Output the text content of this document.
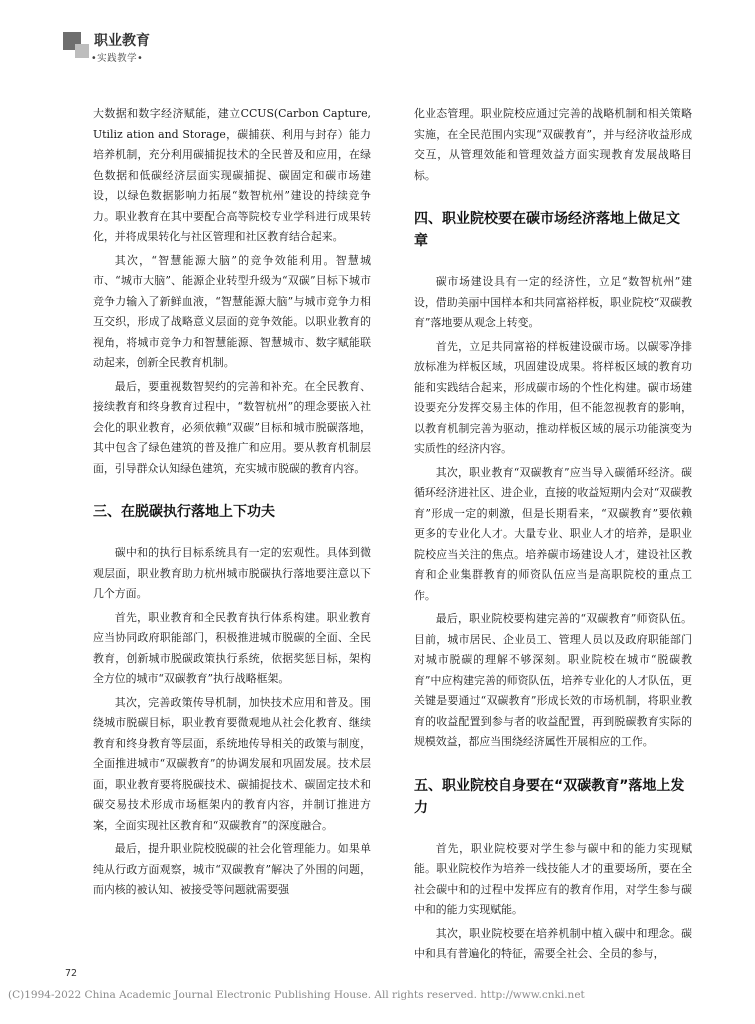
职业教育
•实践教学•
大数据和数字经济赋能，建立CCUS(Carbon Capture, Utiliz ation and Storage，碳捕获、利用与封存）能力培养机制，充分利用碳捕捉技术的全民普及和应用，在绿色数据和低碳经济层面实现碳捕捉、碳固定和碳市场建设，以绿色数据影响力拓展“数智杭州”建设的持续竞争力。职业教育在其中要配合高等院校专业学科进行成果转化，并将成果转化与社区管理和社区教育结合起来。
其次，“智慧能源大脑”的竞争效能利用。智慧城市、“城市大脑”、能源企业转型升级为“双碳”目标下城市竞争力输入了新鲜血液，“智慧能源大脑”与城市竞争力相互交织，形成了战略意义层面的竞争效能。以职业教育的视角，将城市竞争力和智慧能源、智慧城市、数字赋能联动起来，创新全民教育机制。
最后，要重视数智契约的完善和补充。在全民教育、接续教育和终身教育过程中，“数智杭州”的理念要嵌入社会化的职业教育，必须依赖“双碳”目标和城市脱碳落地，其中包含了绿色建筑的普及推广和应用。要从教育机制层面，引导群众认知绿色建筑，充实城市脱碳的教育内容。
三、在脱碳执行落地上下功夫
碳中和的执行目标系统具有一定的宏观性。具体到微观层面，职业教育助力杭州城市脱碳执行落地要注意以下几个方面。
首先，职业教育和全民教育执行体系构建。职业教育应当协同政府职能部门，积极推进城市脱碳的全面、全民教育，创新城市脱碳政策执行系统，依据奖惩目标，架构全方位的城市“双碳教育”执行战略框架。
其次，完善政策传导机制，加快技术应用和普及。围绕城市脱碳目标，职业教育要微观地从社会化教育、继续教育和终身教育等层面，系统地传导相关的政策与制度，全面推进城市“双碳教育”的协调发展和巩固发展。技术层面，职业教育要将脱碳技术、碳捕捉技术、碳固定技术和碳交易技术形成市场框架内的教育内容，并制订推进方案，全面实现社区教育和“双碳教育”的深度融合。
最后，提升职业院校脱碳的社会化管理能力。如果单纯从行政方面观察，城市“双碳教育”解决了外围的问题，而内核的被认知、被接受等问题就需要强
化业态管理。职业院校应通过完善的战略机制和相关策略实施，在全民范围内实现“双碳教育”，并与经济收益形成交互，从管理效能和管理效益方面实现教育发展战略目标。
四、职业院校要在碳市场经济落地上做足文章
碳市场建设具有一定的经济性，立足“数智杭州”建设，借助美丽中国样本和共同富裕样板，职业院校“双碳教育”落地要从观念上转变。
首先，立足共同富裕的样板建设碳市场。以碳零净排放标准为样板区域，巩固建设成果。将样板区域的教育功能和实践结合起来，形成碳市场的个性化构建。碳市场建设要充分发挥交易主体的作用，但不能忽视教育的影响，以教育机制完善为驱动，推动样板区域的展示功能演变为实质性的经济内容。
其次，职业教育“双碳教育”应当导入碳循环经济。碳循环经济进社区、进企业，直接的收益短期内会对“双碳教育”形成一定的刺激，但是长期看来，“双碳教育”要依赖更多的专业化人才。大量专业、职业人才的培养，是职业院校应当关注的焦点。培养碳市场建设人才，建设社区教育和企业集群教育的师资队伍应当是高职院校的重点工作。
最后，职业院校要构建完善的“双碳教育”师资队伍。目前，城市居民、企业员工、管理人员以及政府职能部门对城市脱碳的理解不够深刻。职业院校在城市“脱碳教育”中应构建完善的师资队伍，培养专业化的人才队伍，更关键是要通过“双碳教育”形成长效的市场机制，将职业教育的收益配置到参与者的收益配置，再到脱碳教育实际的规模效益，都应当围绕经济属性开展相应的工作。
五、职业院校自身要在“双碳教育”落地上发力
首先，职业院校要对学生参与碳中和的能力实现赋能。职业院校作为培养一线技能人才的重要场所，要在全社会碳中和的过程中发挥应有的教育作用，对学生参与碳中和的能力实现赋能。
其次，职业院校要在培养机制中植入碳中和理念。碳中和具有普遍化的特征，需要全社会、全员的参与，
72
(C)1994-2022 China Academic Journal Electronic Publishing House. All rights reserved. http://www.cnki.net
